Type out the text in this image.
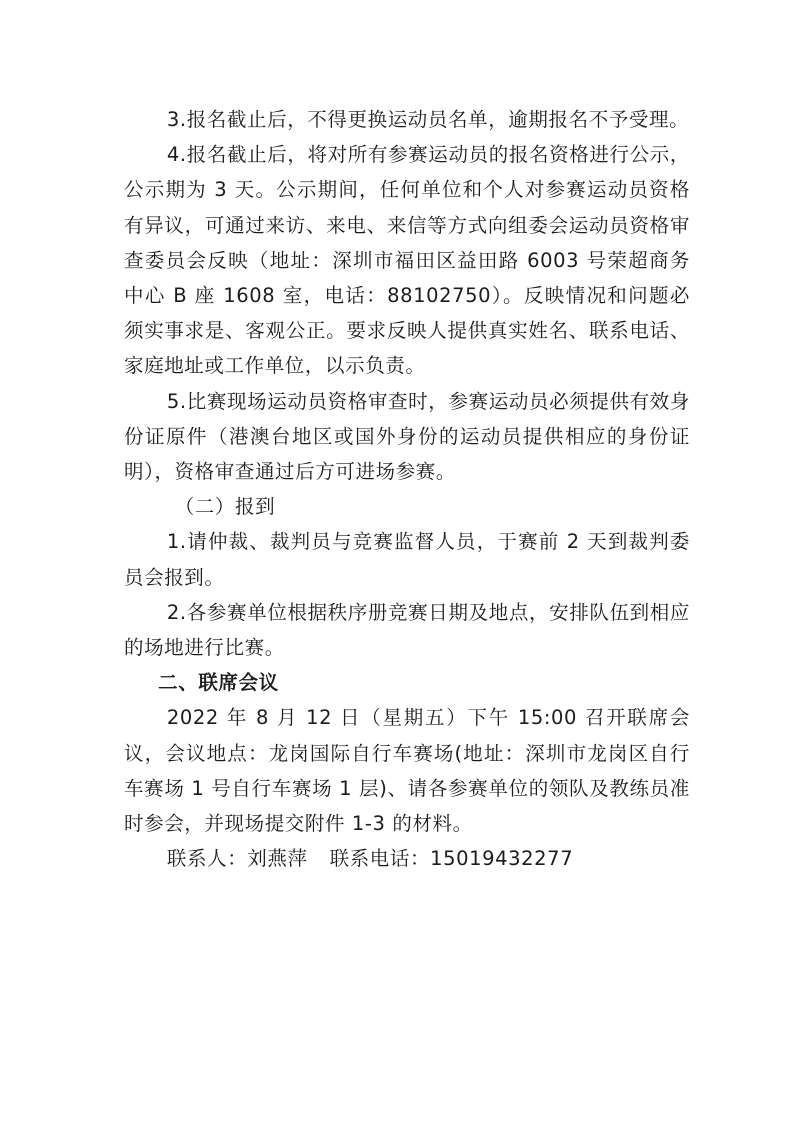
3.报名截止后，不得更换运动员名单，逾期报名不予受理。

4.报名截止后，将对所有参赛运动员的报名资格进行公示，公示期为 3 天。公示期间，任何单位和个人对参赛运动员资格有异议，可通过来访、来电、来信等方式向组委会运动员资格审查委员会反映（地址：深圳市福田区益田路 6003 号荣超商务中心 B 座 1608 室，电话：88102750）。反映情况和问题必须实事求是、客观公正。要求反映人提供真实姓名、联系电话、家庭地址或工作单位，以示负责。

5.比赛现场运动员资格审查时，参赛运动员必须提供有效身份证原件（港澳台地区或国外身份的运动员提供相应的身份证明），资格审查通过后方可进场参赛。

（二）报到

1.请仲裁、裁判员与竞赛监督人员，于赛前 2 天到裁判委员会报到。

2.各参赛单位根据秩序册竞赛日期及地点，安排队伍到相应的场地进行比赛。

二、联席会议

2022 年 8 月 12 日（星期五）下午 15:00 召开联席会议，会议地点：龙岗国际自行车赛场(地址：深圳市龙岗区自行车赛场 1 号自行车赛场 1 层)、请各参赛单位的领队及教练员准时参会，并现场提交附件 1-3 的材料。

联系人：刘燕萍 联系电话：15019432277
